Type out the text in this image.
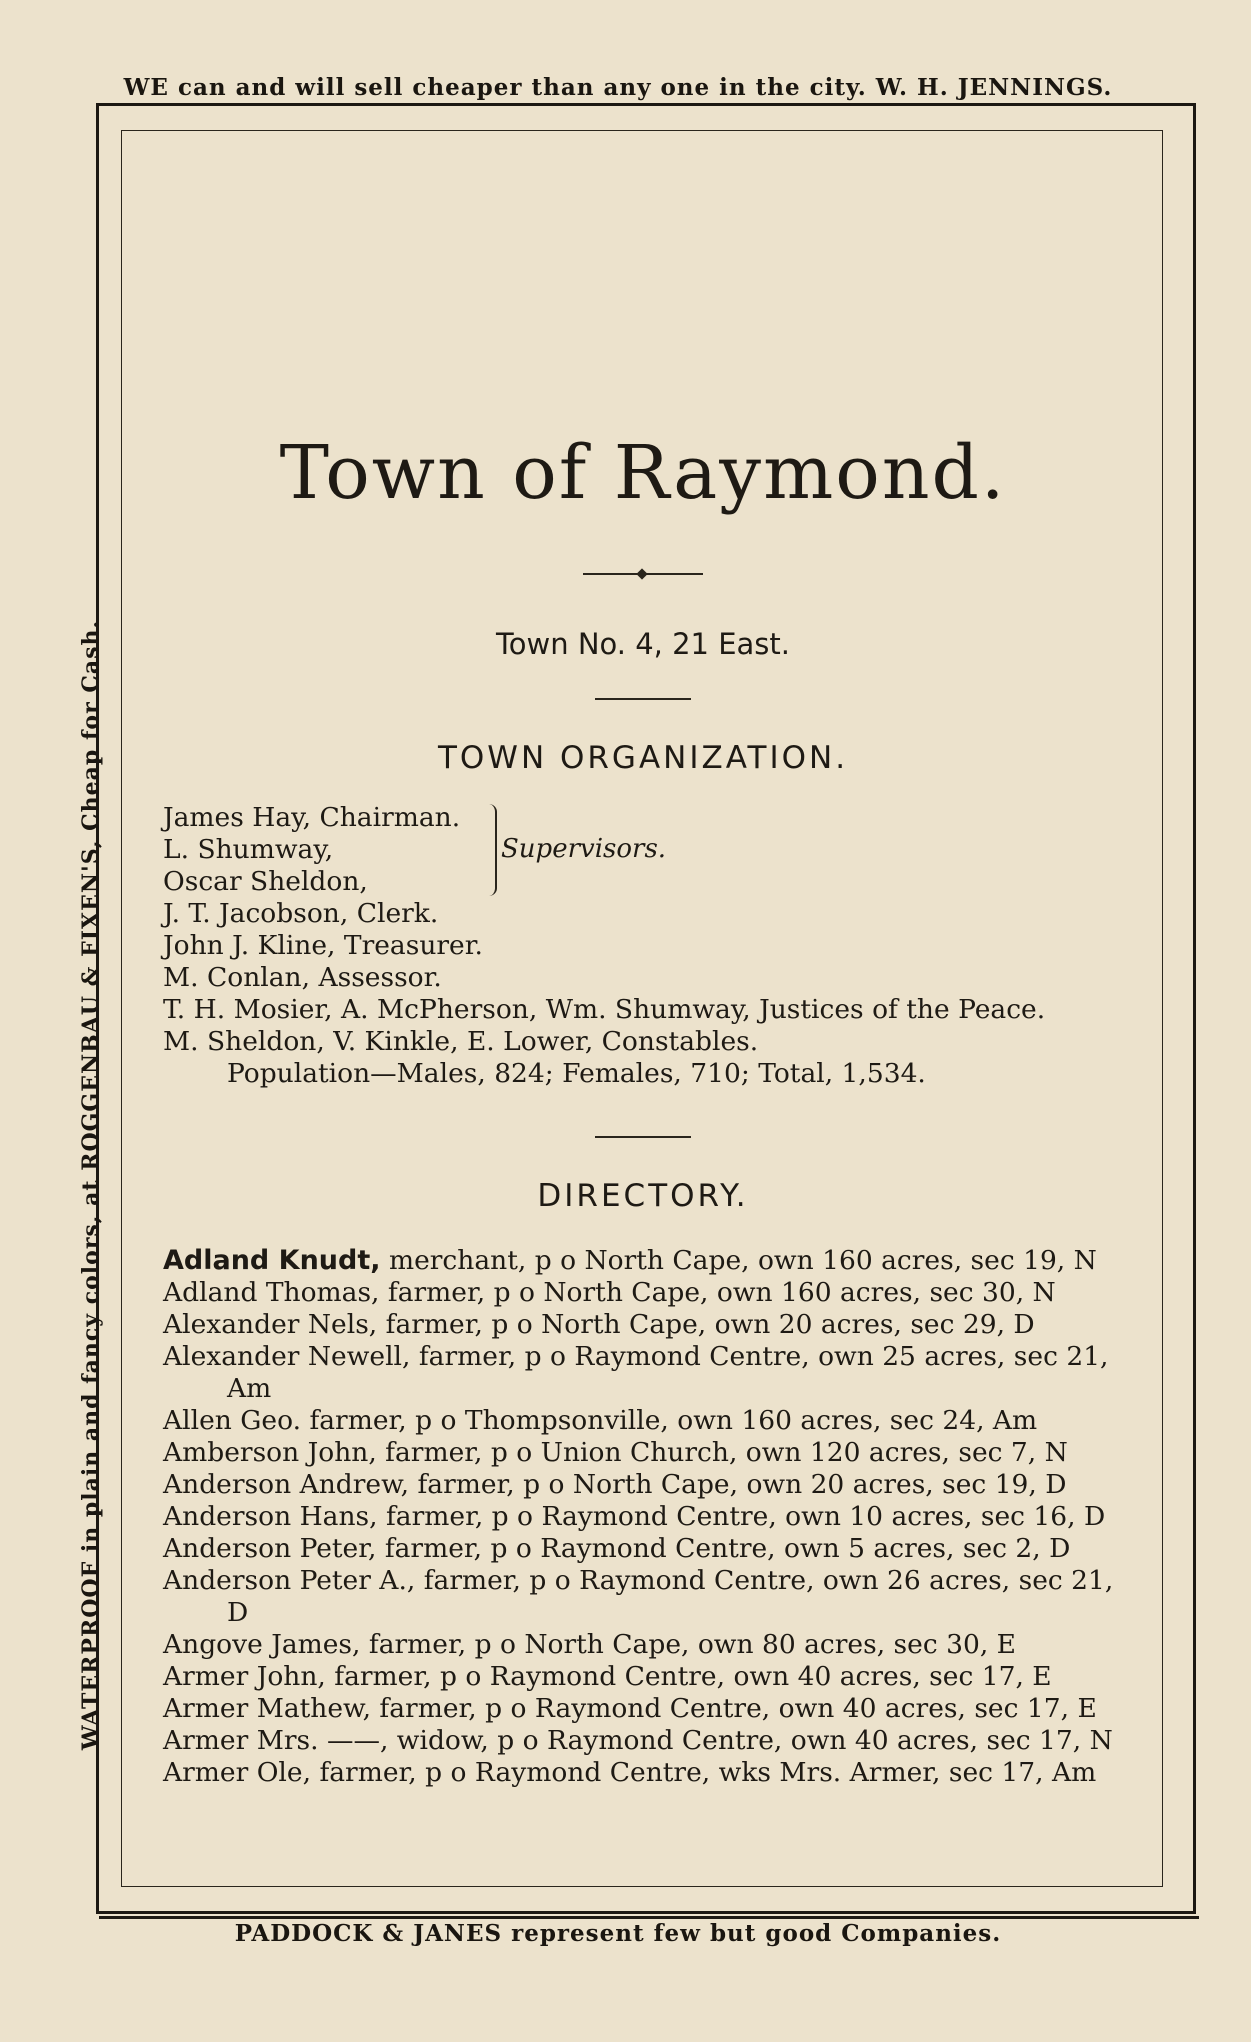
WE can and will sell cheaper than any one in the city. W. H. JENNINGS.
WATERPROOF in plain and fancy colors, at ROGGENBAU & FIXEN'S, Cheap for Cash.
PADDOCK & JANES represent few but good Companies.
Town of Raymond.
Town No. 4, 21 East.
TOWN ORGANIZATION.
James Hay, Chairman.
L. Shumway,
Oscar Sheldon,
J. T. Jacobson, Clerk.
John J. Kline, Treasurer.
M. Conlan, Assessor.
T. H. Mosier, A. McPherson, Wm. Shumway, Justices of the Peace.
M. Sheldon, V. Kinkle, E. Lower, Constables.
Population—Males, 824; Females, 710; Total, 1,534.
Supervisors.
DIRECTORY.
Adland Knudt, merchant, p o North Cape, own 160 acres, sec 19, N
Adland Thomas, farmer, p o North Cape, own 160 acres, sec 30, N
Alexander Nels, farmer, p o North Cape, own 20 acres, sec 29, D
Alexander Newell, farmer, p o Raymond Centre, own 25 acres, sec 21, Am
Allen Geo. farmer, p o Thompsonville, own 160 acres, sec 24, Am
Amberson John, farmer, p o Union Church, own 120 acres, sec 7, N
Anderson Andrew, farmer, p o North Cape, own 20 acres, sec 19, D
Anderson Hans, farmer, p o Raymond Centre, own 10 acres, sec 16, D
Anderson Peter, farmer, p o Raymond Centre, own 5 acres, sec 2, D
Anderson Peter A., farmer, p o Raymond Centre, own 26 acres, sec 21, D
Angove James, farmer, p o North Cape, own 80 acres, sec 30, E
Armer John, farmer, p o Raymond Centre, own 40 acres, sec 17, E
Armer Mathew, farmer, p o Raymond Centre, own 40 acres, sec 17, E
Armer Mrs. ——, widow, p o Raymond Centre, own 40 acres, sec 17, N
Armer Ole, farmer, p o Raymond Centre, wks Mrs. Armer, sec 17, Am
